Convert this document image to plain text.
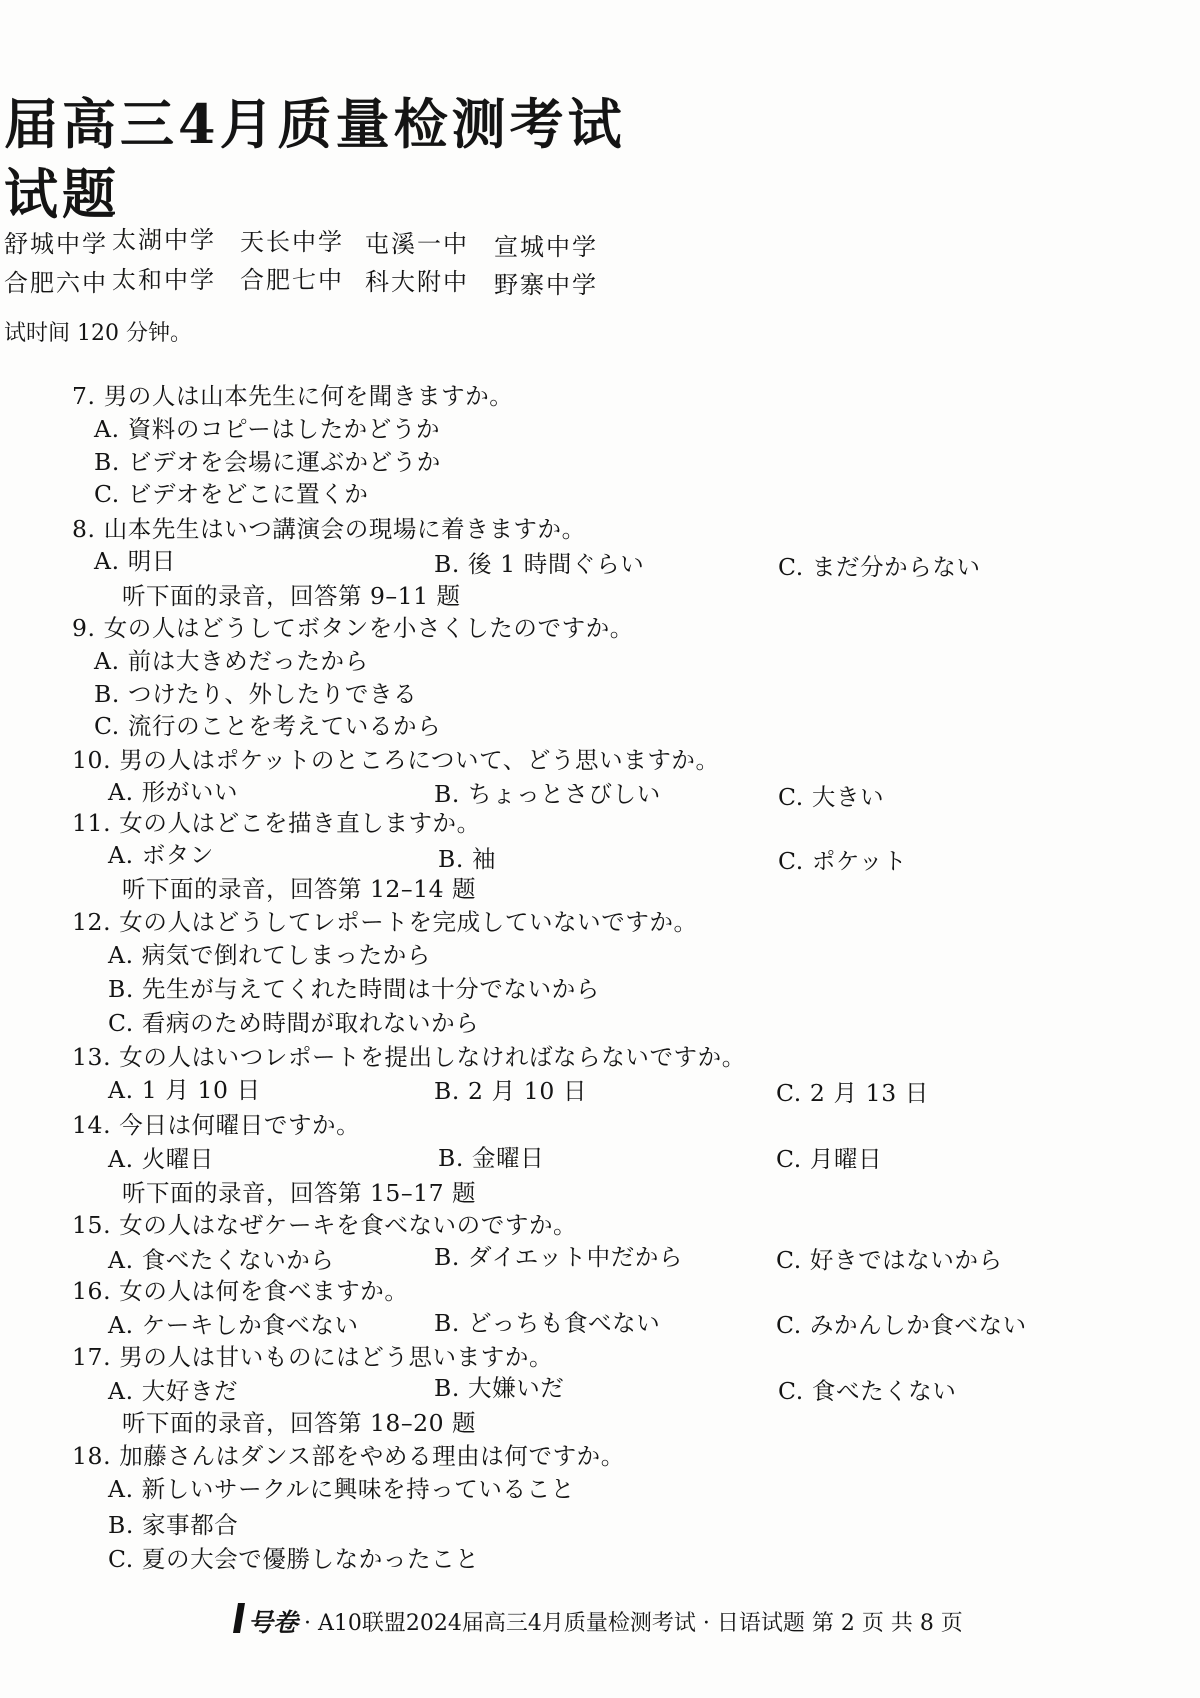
届高三4月质量检测考试
试题
舒城中学 太湖中学 天长中学 屯溪一中 宣城中学
合肥六中 太和中学 合肥七中 科大附中 野寨中学
试时间 120 分钟。
7. 男の人は山本先生に何を聞きますか。
A. 資料のコピーはしたかどうか
B. ビデオを会場に運ぶかどうか
C. ビデオをどこに置くか
8. 山本先生はいつ講演会の現場に着きますか。
A. 明日	B. 後 1 時間ぐらい	C. まだ分からない
听下面的录音，回答第 9–11 题
9. 女の人はどうしてボタンを小さくしたのですか。
A. 前は大きめだったから
B. つけたり、外したりできる
C. 流行のことを考えているから
10. 男の人はポケットのところについて、どう思いますか。
A. 形がいい	B. ちょっとさびしい	C. 大きい
11. 女の人はどこを描き直しますか。
A. ボタン	B. 袖	C. ポケット
听下面的录音，回答第 12–14 题
12. 女の人はどうしてレポートを完成していないですか。
A. 病気で倒れてしまったから
B. 先生が与えてくれた時間は十分でないから
C. 看病のため時間が取れないから
13. 女の人はいつレポートを提出しなければならないですか。
A. 1 月 10 日	B. 2 月 10 日	C. 2 月 13 日
14. 今日は何曜日ですか。
A. 火曜日	B. 金曜日	C. 月曜日
听下面的录音，回答第 15–17 题
15. 女の人はなぜケーキを食べないのですか。
A. 食べたくないから	B. ダイエット中だから	C. 好きではないから
16. 女の人は何を食べますか。
A. ケーキしか食べない	B. どっちも食べない	C. みかんしか食べない
17. 男の人は甘いものにはどう思いますか。
A. 大好きだ	B. 大嫌いだ	C. 食べたくない
听下面的录音，回答第 18–20 题
18. 加藤さんはダンス部をやめる理由は何ですか。
A. 新しいサークルに興味を持っていること
B. 家事都合
C. 夏の大会で優勝しなかったこと
号卷 · A10联盟2024届高三4月质量检测考试 · 日语试题 第 2 页 共 8 页
